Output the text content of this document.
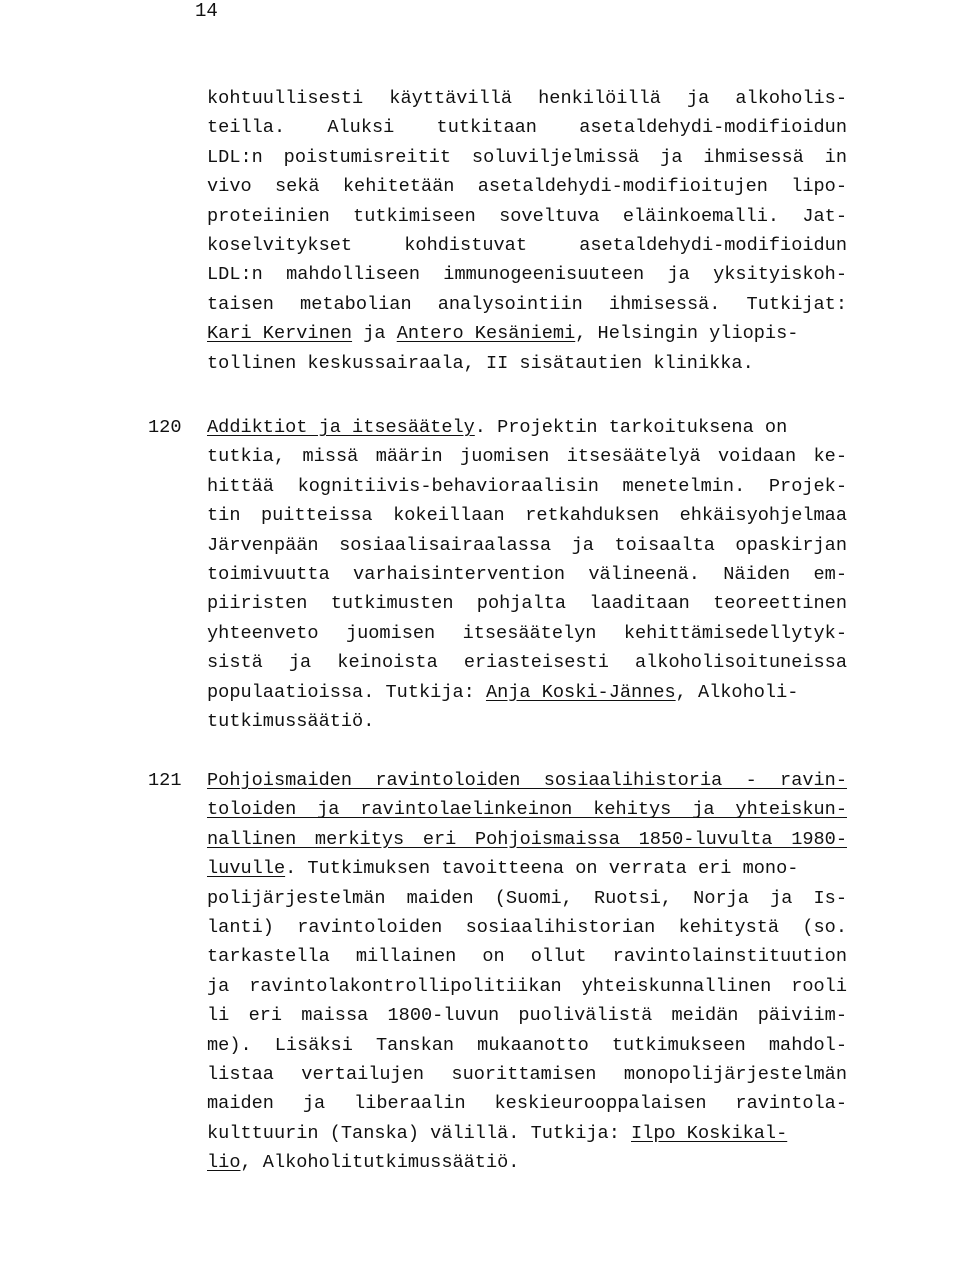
14
kohtuullisesti käyttävillä henkilöillä ja alkoholis-
teilla. Aluksi tutkitaan asetaldehydi-modifioidun
LDL:n poistumisreitit soluviljelmissä ja ihmisessä in
vivo sekä kehitetään asetaldehydi-modifioitujen lipo-
proteiinien tutkimiseen soveltuva eläinkoemalli. Jat-
koselvitykset kohdistuvat asetaldehydi-modifioidun
LDL:n mahdolliseen immunogeenisuuteen ja yksityiskoh-
taisen metabolian analysointiin ihmisessä. Tutkijat:
Kari Kervinen ja Antero Kesäniemi, Helsingin yliopis-
tollinen keskussairaala, II sisätautien klinikka.
120 Addiktiot ja itsesäätely. Projektin tarkoituksena on
tutkia, missä määrin juomisen itsesäätelyä voidaan ke-
hittää kognitiivis-behavioraalisin menetelmin. Projek-
tin puitteissa kokeillaan retkahduksen ehkäisyohjelmaa
Järvenpään sosiaalisairaalassa ja toisaalta opaskirjan
toimivuutta varhaisintervention välineenä. Näiden em-
piiristen tutkimusten pohjalta laaditaan teoreettinen
yhteenveto juomisen itsesäätelyn kehittämisedellytyk-
sistä ja keinoista eriasteisesti alkoholisoituneissa
populaatioissa. Tutkija: Anja Koski-Jännes, Alkoholi-
tutkimussäätiö.
121 Pohjoismaiden ravintoloiden sosiaalihistoria - ravin-
toloiden ja ravintolaelinkeinon kehitys ja yhteiskun-
nallinen merkitys eri Pohjoismaissa 1850-luvulta 1980-
luvulle. Tutkimuksen tavoitteena on verrata eri mono-
polijärjestelmän maiden (Suomi, Ruotsi, Norja ja Is-
lanti) ravintoloiden sosiaalihistorian kehitystä (so.
tarkastella millainen on ollut ravintolainstituution
ja ravintolakontrollipolitiikan yhteiskunnallinen rooli
li eri maissa 1800-luvun puolivälistä meidän päiviim-
me). Lisäksi Tanskan mukaanotto tutkimukseen mahdol-
listaa vertailujen suorittamisen monopolijärjestelmän
maiden ja liberaalin keskieurooppalaisen ravintola-
kulttuurin (Tanska) välillä. Tutkija: Ilpo Koskikal-
lio, Alkoholitutkimussäätiö.
